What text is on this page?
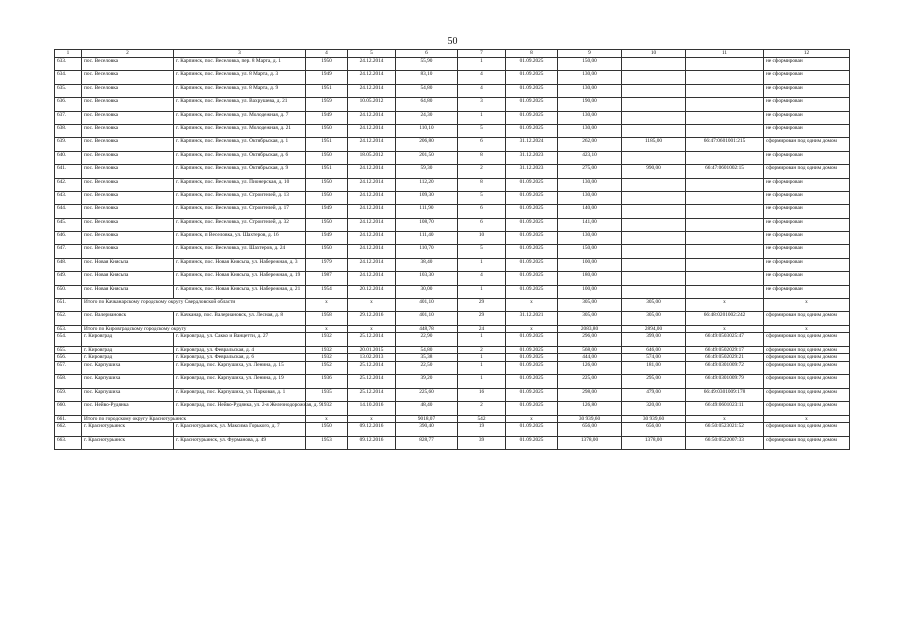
50
1	2	3	4	5	6	7	8	9	10	11	12
633.	пос. Веселовка	г. Карпинск, пос. Веселовка, пер. 8 Марта, д. 1	1950	24.12.2014	55,90	1	01.09.2025	150,00			не сформирован
634.	пос. Веселовка	г. Карпинск, пос. Веселовка, ул. 8 Марта, д. 3	1949	24.12.2014	83,10	4	01.09.2025	130,00			не сформирован
635.	пос. Веселовка	г. Карпинск, пос. Веселовка, ул. 8 Марта, д. 9	1951	24.12.2014	54,80	4	01.09.2025	130,00			не сформирован
636.	пос. Веселовка	г. Карпинск, пос. Веселовка, ул. Вахрушева, д. 21	1959	10.05.2012	64,80	3	01.09.2025	190,00			не сформирован
637.	пос. Веселовка	г. Карпинск, пос. Веселовка, ул. Молодежная, д. 7	1949	24.12.2014	24,30	1	01.09.2025	130,00			не сформирован
638.	пос. Веселовка	г. Карпинск, пос. Веселовка, ул. Молодежная, д. 21	1950	24.12.2014	110,10	5	01.09.2025	130,00			не сформирован
639.	пос. Веселовка	г. Карпинск, пос. Веселовка, ул. Октябрьская, д. 1	1951	24.12.2014	206,80	6	31.12.2024	262,00	1185,00	66:47:0601001:215	сформирован под одним домом
640.	пос. Веселовка	г. Карпинск, пос. Веселовка, ул. Октябрьская, д. 6	1950	18.05.2012	201,50	8	31.12.2023	423,10			не сформирован
641.	пос. Веселовка	г. Карпинск, пос. Веселовка, ул. Октябрьская, д. 9	1951	24.12.2014	59,30	2	31.12.2023	275,00	990,00	66:47:0601002:15	сформирован под одним домом
642.	пос. Веселовка	г. Карпинск, пос. Веселовка, ул. Пионерская, д. 10	1950	24.12.2014	112,20	8	01.09.2025	130,00			не сформирован
643.	пос. Веселовка	г. Карпинск, пос. Веселовка, ул. Строителей, д. 13	1950	24.12.2014	109,30	5	01.09.2025	130,00			не сформирован
644.	пос. Веселовка	г. Карпинск, пос. Веселовка, ул. Строителей, д. 17	1949	24.12.2014	111,90	6	01.09.2025	140,00			не сформирован
645.	пос. Веселовка	г. Карпинск, пос. Веселовка, ул. Строителей, д. 32	1950	24.12.2014	108,70	6	01.09.2025	141,00			не сформирован
646.	пос. Веселовка	г. Карпинск, п Веселовка, ул. Шахтеров, д. 16	1949	24.12.2014	111,40	10	01.09.2025	130,00			не сформирован
647.	пос. Веселовка	г. Карпинск, пос. Веселовка, ул. Шахтеров, д. 24	1950	24.12.2014	110,70	5	01.09.2025	150,00			не сформирован
648.	пос. Новая Княсьпа	г. Карпинск, пос. Новая Княсьпа, ул. Набережная, д. 3	1979	24.12.2014	38,40	1	01.09.2025	100,00			не сформирован
649.	пос. Новая Княсьпа	г. Карпинск, пос. Новая Княсьпа, ул. Набережная, д. 19	1987	24.12.2014	103,30	4	01.09.2025	180,00			не сформирован
650.	пос. Новая Княсьпа	г. Карпинск, пос. Новая Княсьпа, ул. Набережная, д. 21	1954	20.12.2014	30,00	1	01.09.2025	100,00			не сформирован
651.	Итого по Качканарскому городскому округу Свердловской области		x	x	401,10	29	x	305,00	305,00	x	x
652.	пос. Валериановск	г. Качканар, пос. Валериановск, ул. Лесная, д. 8	1958	29.12.2016	401,10	29	31.12.2021	305,00	305,00	66:48:0201002:242	сформирован под одним домом
653.	Итого по Кировградскому городскому округу		x	x	448,78	24	x	2083,80	2894,00	x	x
654.	г. Кировград	г. Кировград, ул. Сакко и Ванцетти, д. 27	1932	25.12.2014	22,90	1	01.09.2025	296,00	399,00	66:49:0503025:47	сформирован под одним домом
655.	г. Кировград	г. Кировград, ул. Февральская, д. 4	1932	20.01.2015	54,80	2	01.09.2025	568,00	646,00	66:49:0502029:17	сформирован под одним домом
656.	г. Кировград	г. Кировград, ул. Февральская, д. 6	1932	13.02.2013	35,38	1	01.09.2025	444,00	574,00	66:49:0502029:21	сформирован под одним домом
657.	пос. Карпушиха	г. Кировград, пос. Карпушиха, ул. Ленина, д. 15	1952	25.12.2014	22,50	1	01.09.2025	126,00	181,00	66:49:0301009:72	сформирован под одним домом
658.	пос. Карпушиха	г. Кировград, пос. Карпушиха, ул. Ленина, д. 19	1936	25.12.2014	39,20	1	01.09.2025	225,00	295,00	66:49:0301009:79	сформирован под одним домом
659.	пос. Карпушиха	г. Кировград, пос. Карпушиха, ул. Парковая, д. 1	1935	25.12.2014	225,60	16	01.09.2025	298,00	479,00	66:49:0301009:178	сформирован под одним домом
660.	пос. Нейво-Рудянка	г. Кировград, пос. Нейво-Рудянка, ул. 2-я Железнодорожная, д. 9	1932	14.10.2016	48,40	2	01.09.2025	126,80	320,00	66:49:0601023:11	сформирован под одним домом
661.	Итого по городскому округу Краснотурьинск		x	x	9018,07	542	x	30 939,60	30 939,60	x	x
662.	г. Краснотурьинск	г. Краснотурьинск, ул. Максима Горького, д. 7	1950	09.12.2016	390,40	19	01.09.2025	656,00	656,00	66:50:0523021:52	сформирован под одним домом
663.	г. Краснотурьинск	г. Краснотурьинск, ул. Фурманова, д. 49	1953	09.12.2016	828,77	39	01.09.2025	1378,00	1378,00	66:50:0522007:33	сформирован под одним домом
